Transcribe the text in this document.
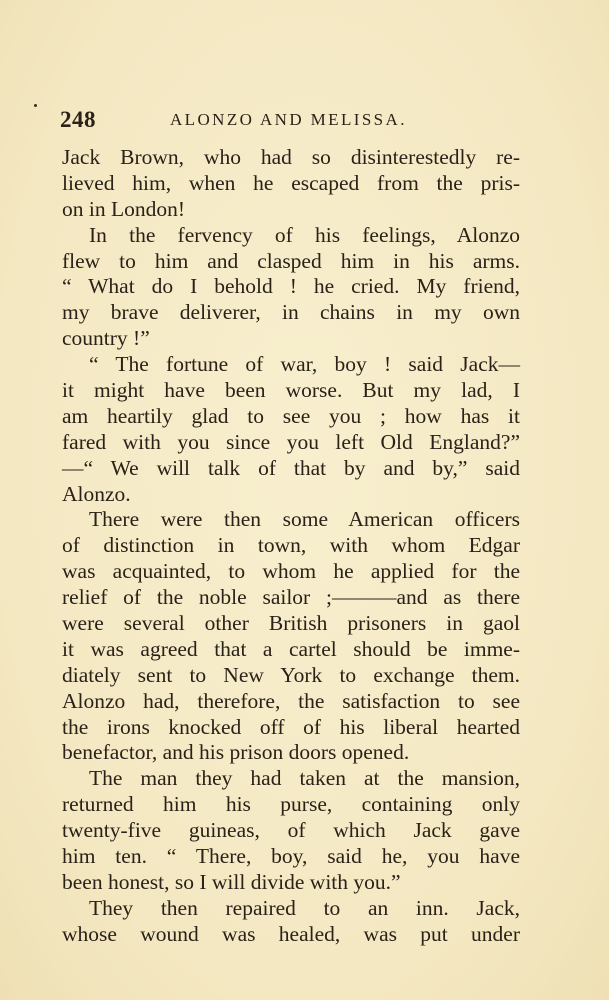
248	ALONZO AND MELISSA.
Jack Brown, who had so disinterestedly re-
lieved him, when he escaped from the pris-
on in London!
In the fervency of his feelings, Alonzo
flew to him and clasped him in his arms.
“ What do I behold ! he cried. My friend,
my brave deliverer, in chains in my own
country !”
“ The fortune of war, boy ! said Jack—
it might have been worse. But my lad, I
am heartily glad to see you ; how has it
fared with you since you left Old England?”
—“ We will talk of that by and by,” said
Alonzo.
There were then some American officers
of distinction in town, with whom Edgar
was acquainted, to whom he applied for the
relief of the noble sailor ;———and as there
were several other British prisoners in gaol
it was agreed that a cartel should be imme-
diately sent to New York to exchange them.
Alonzo had, therefore, the satisfaction to see
the irons knocked off of his liberal hearted
benefactor, and his prison doors opened.
The man they had taken at the mansion,
returned him his purse, containing only
twenty-five guineas, of which Jack gave
him ten. “ There, boy, said he, you have
been honest, so I will divide with you.”
They then repaired to an inn. Jack,
whose wound was healed, was put under
